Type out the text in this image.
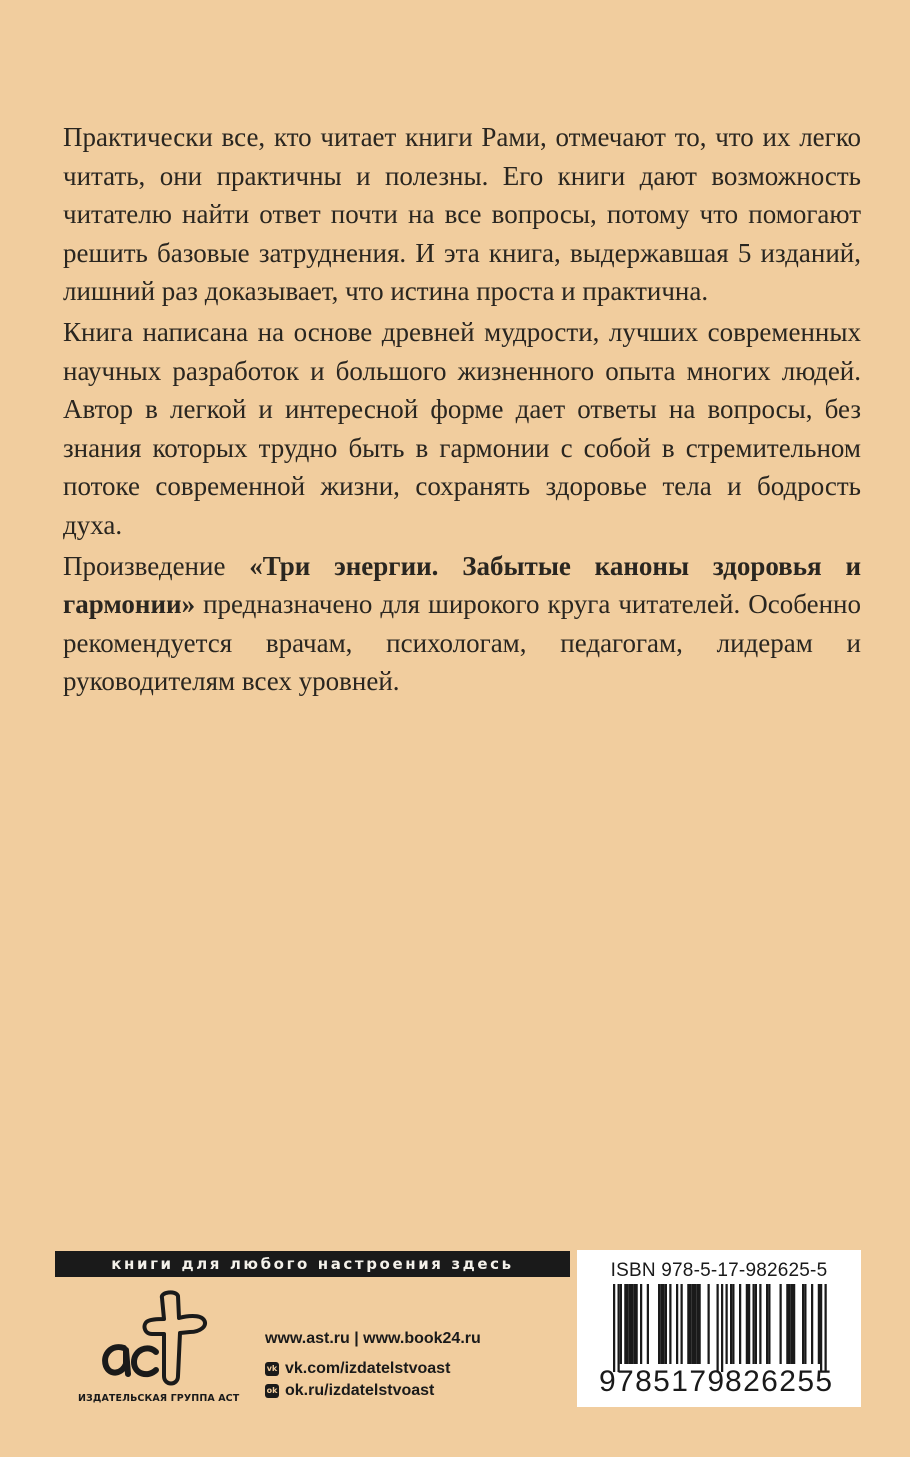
Практически все, кто читает книги Рами, отмечают то, что их легко читать, они практичны и полезны. Его книги дают возможность читателю найти ответ почти на все вопросы, потому что помогают решить базовые затруднения. И эта книга, выдержавшая 5 изданий, лишний раз доказывает, что истина проста и практична.

Книга написана на основе древней мудрости, лучших современных научных разработок и большого жизненного опыта многих людей. Автор в легкой и интересной форме дает ответы на вопросы, без знания которых трудно быть в гармонии с собой в стремительном потоке современной жизни, сохранять здоровье тела и бодрость духа.

Произведение «Три энергии. Забытые каноны здоровья и гармонии» предназначено для широкого круга читателей. Особенно рекомендуется врачам, психологам, педагогам, лидерам и руководителям всех уровней.

книги для любого настроения здесь
ИЗДАТЕЛЬСКАЯ ГРУППА АСТ
www.ast.ru | www.book24.ru
vk vk.com/izdatelstvoast
ok ok.ru/izdatelstvoast
ISBN 978-5-17-982625-5
9 785179 826255
